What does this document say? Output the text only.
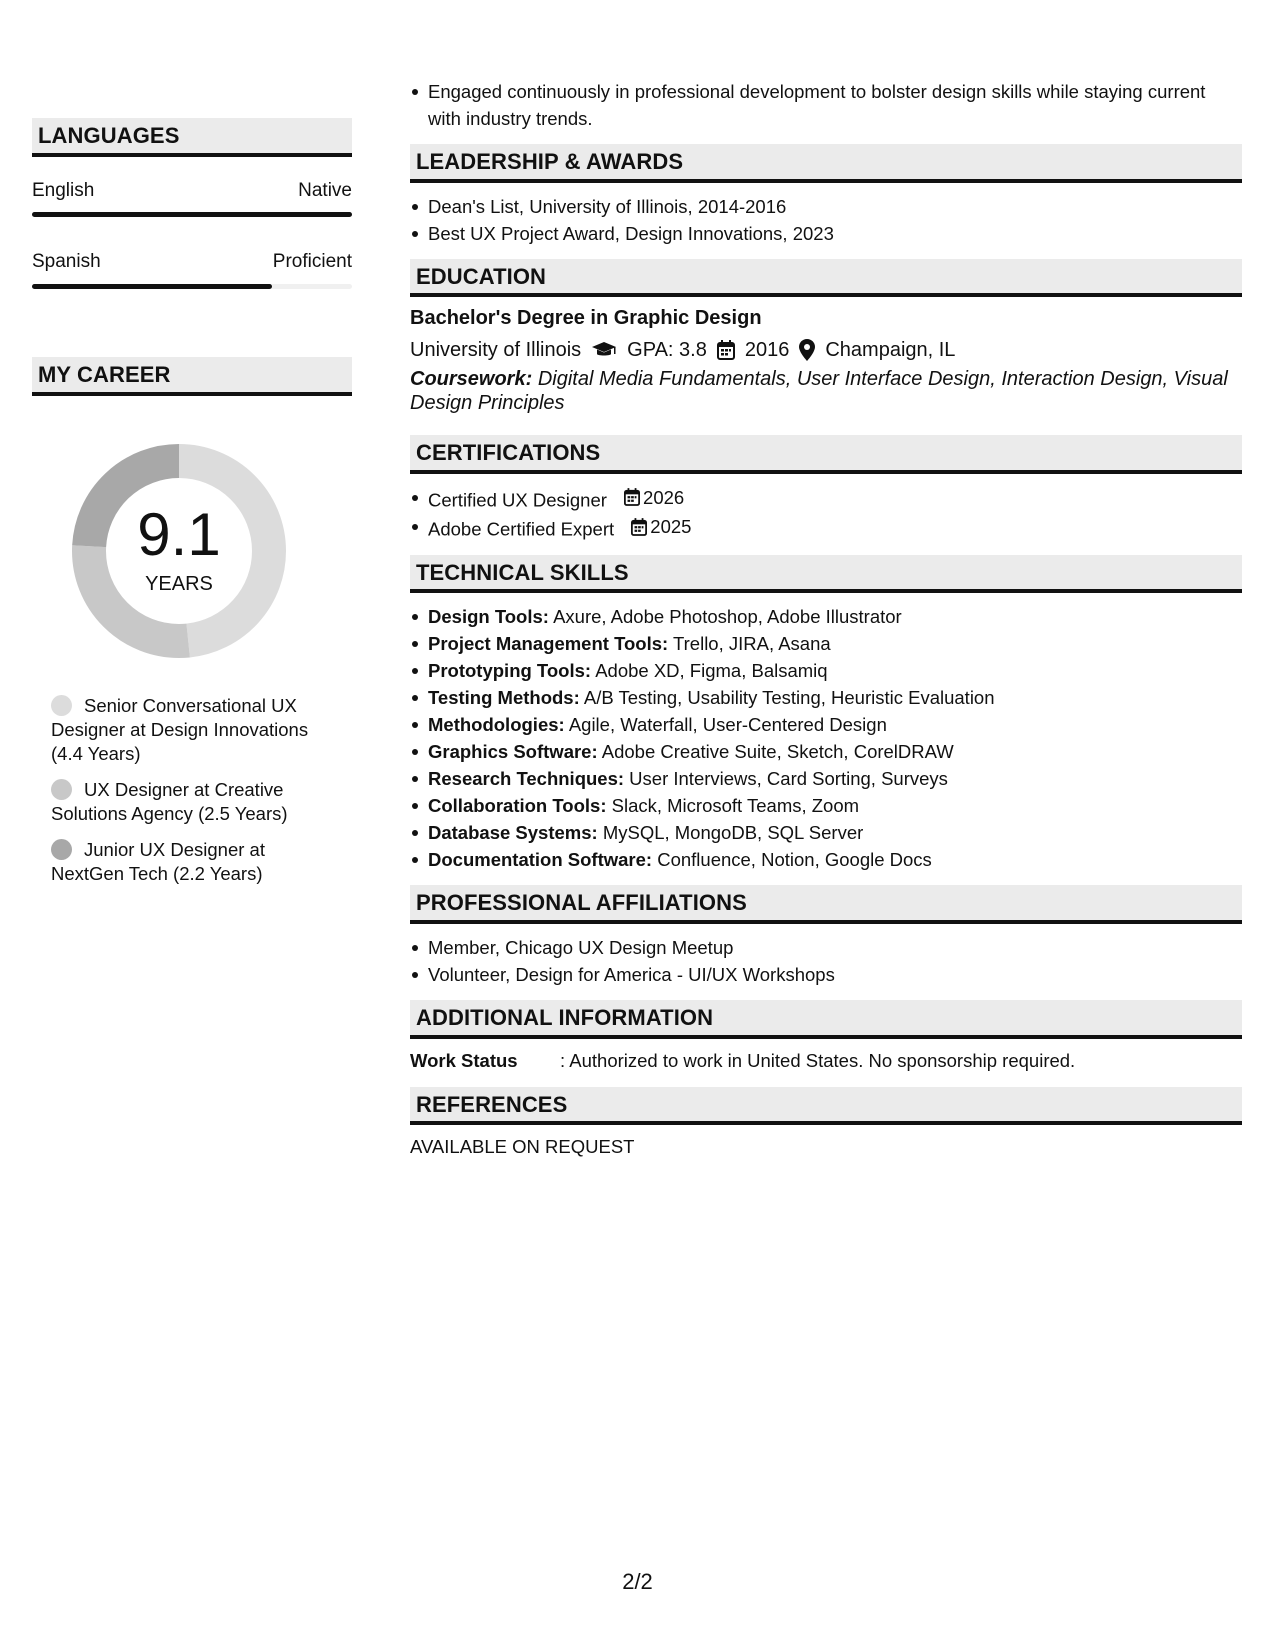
LANGUAGES
English	Native
Spanish	Proficient
MY CAREER
9.1
YEARS
Senior Conversational UX Designer at Design Innovations (4.4 Years)
UX Designer at Creative Solutions Agency (2.5 Years)
Junior UX Designer at NextGen Tech (2.2 Years)
Engaged continuously in professional development to bolster design skills while staying current with industry trends.
LEADERSHIP & AWARDS
Dean's List, University of Illinois, 2014-2016
Best UX Project Award, Design Innovations, 2023
EDUCATION
Bachelor's Degree in Graphic Design
University of Illinois GPA: 3.8 2016 Champaign, IL
Coursework: Digital Media Fundamentals, User Interface Design, Interaction Design, Visual Design Principles
CERTIFICATIONS
Certified UX Designer 2026
Adobe Certified Expert 2025
TECHNICAL SKILLS
Design Tools: Axure, Adobe Photoshop, Adobe Illustrator
Project Management Tools: Trello, JIRA, Asana
Prototyping Tools: Adobe XD, Figma, Balsamiq
Testing Methods: A/B Testing, Usability Testing, Heuristic Evaluation
Methodologies: Agile, Waterfall, User-Centered Design
Graphics Software: Adobe Creative Suite, Sketch, CorelDRAW
Research Techniques: User Interviews, Card Sorting, Surveys
Collaboration Tools: Slack, Microsoft Teams, Zoom
Database Systems: MySQL, MongoDB, SQL Server
Documentation Software: Confluence, Notion, Google Docs
PROFESSIONAL AFFILIATIONS
Member, Chicago UX Design Meetup
Volunteer, Design for America - UI/UX Workshops
ADDITIONAL INFORMATION
Work Status	: Authorized to work in United States. No sponsorship required.
REFERENCES
AVAILABLE ON REQUEST
2/2
